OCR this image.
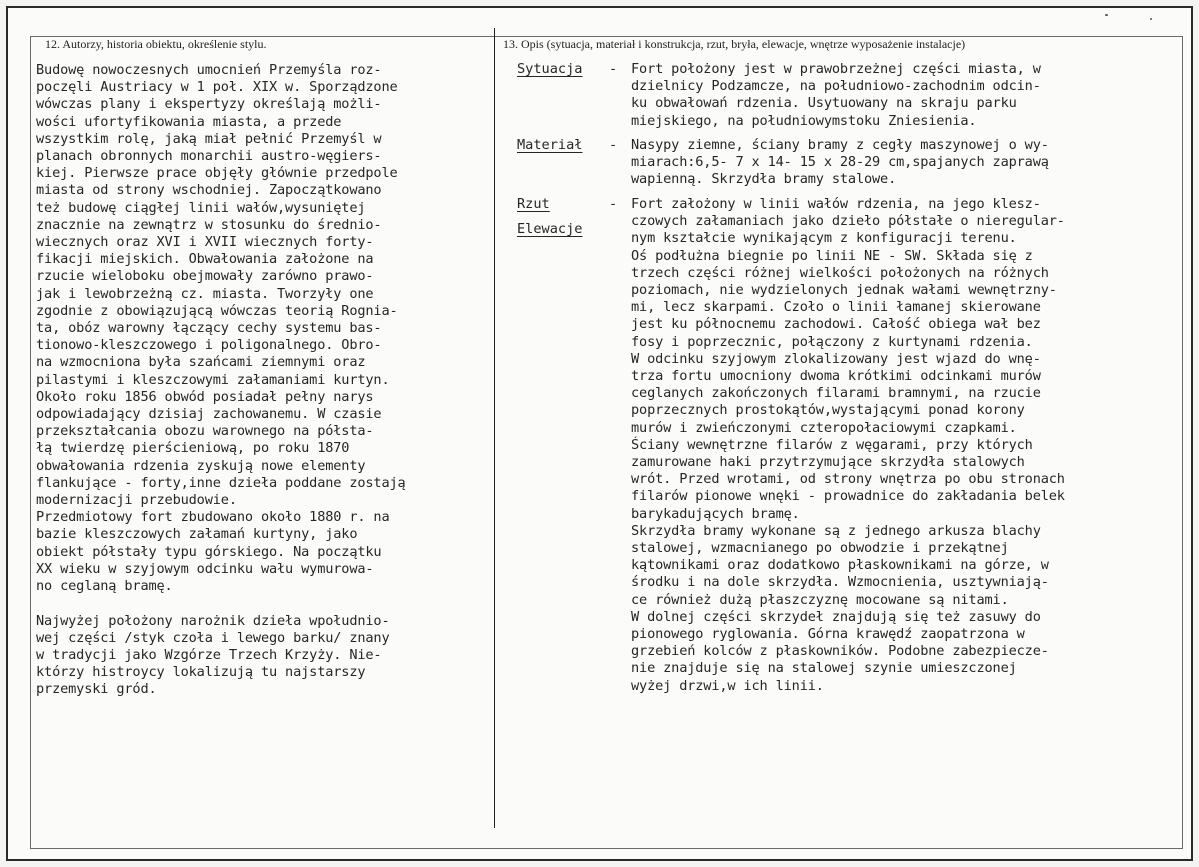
12. Autorzy, historia obiektu, określenie stylu.	13. Opis (sytuacja, materiał i konstrukcja, rzut, bryła, elewacje, wnętrze wyposażenie instalacje)
Budowę nowoczesnych umocnień Przemyśla roz-
poczęli Austriacy w 1 poł. XIX w. Sporządzone
wówczas plany i ekspertyzy określają możli-
wości ufortyfikowania miasta, a przede
wszystkim rolę, jaką miał pełnić Przemyśl w
planach obronnych monarchii austro-węgiers-
kiej. Pierwsze prace objęły głównie przedpole
miasta od strony wschodniej. Zapoczątkowano
też budowę ciągłej linii wałów,wysuniętej
znacznie na zewnątrz w stosunku do średnio-
wiecznych oraz XVI i XVII wiecznych forty-
fikacji miejskich. Obwałowania założone na
rzucie wieloboku obejmowały zarówno prawo-
jak i lewobrzeżną cz. miasta. Tworzyły one
zgodnie z obowiązującą wówczas teorią Rognia-
ta, obóz warowny łączący cechy systemu bas-
tionowo-kleszczowego i poligonalnego. Obro-
na wzmocniona była szańcami ziemnymi oraz
pilastymi i kleszczowymi załamaniami kurtyn.
Około roku 1856 obwód posiadał pełny narys
odpowiadający dzisiaj zachowanemu. W czasie
przekształcania obozu warownego na półsta-
łą twierdzę pierścieniową, po roku 1870
obwałowania rdzenia zyskują nowe elementy
flankujące - forty,inne dzieła poddane zostają
modernizacji przebudowie.
Przedmiotowy fort zbudowano około 1880 r. na
bazie kleszczowych załamań kurtyny, jako
obiekt półstały typu górskiego. Na początku
XX wieku w szyjowym odcinku wału wymurowa-
no ceglaną bramę.

Najwyżej położony narożnik dzieła wpołudnio-
wej części /styk czoła i lewego barku/ znany
w tradycji jako Wzgórze Trzech Krzyży. Nie-
którzy histroycy lokalizują tu najstarszy
przemyski gród.
Sytuacja - Fort położony jest w prawobrzeżnej części miasta, w
dzielnicy Podzamcze, na południowo-zachodnim odcin-
ku obwałowań rdzenia. Usytuowany na skraju parku
miejskiego, na południowymstoku Zniesienia.
Materiał - Nasypy ziemne, ściany bramy z cegły maszynowej o wy-
miarach:6,5- 7 x 14- 15 x 28-29 cm,spajanych zaprawą
wapienną. Skrzydła bramy stalowe.
Rzut
Elewacje
- Fort założony w linii wałów rdzenia, na jego klesz-
czowych załamaniach jako dzieło półstałe o nieregular-
nym kształcie wynikającym z konfiguracji terenu.
Oś podłużna biegnie po linii NE - SW. Składa się z
trzech części różnej wielkości położonych na różnych
poziomach, nie wydzielonych jednak wałami wewnętrzny-
mi, lecz skarpami. Czoło o linii łamanej skierowane
jest ku północnemu zachodowi. Całość obiega wał bez
fosy i poprzecznic, połączony z kurtynami rdzenia.
W odcinku szyjowym zlokalizowany jest wjazd do wnę-
trza fortu umocniony dwoma krótkimi odcinkami murów
ceglanych zakończonych filarami bramnymi, na rzucie
poprzecznych prostokątów,wystającymi ponad korony
murów i zwieńczonymi czteropołaciowymi czapkami.
Ściany wewnętrzne filarów z węgarami, przy których
zamurowane haki przytrzymujące skrzydła stalowych
wrót. Przed wrotami, od strony wnętrza po obu stronach
filarów pionowe wnęki - prowadnice do zakładania belek
barykadujących bramę.
Skrzydła bramy wykonane są z jednego arkusza blachy
stalowej, wzmacnianego po obwodzie i przekątnej
kątownikami oraz dodatkowo płaskownikami na górze, w
środku i na dole skrzydła. Wzmocnienia, usztywniają-
ce również dużą płaszczyznę mocowane są nitami.
W dolnej części skrzydeł znajdują się też zasuwy do
pionowego ryglowania. Górna krawędź zaopatrzona w
grzebień kolców z płaskowników. Podobne zabezpiecze-
nie znajduje się na stalowej szynie umieszczonej
wyżej drzwi,w ich linii.
